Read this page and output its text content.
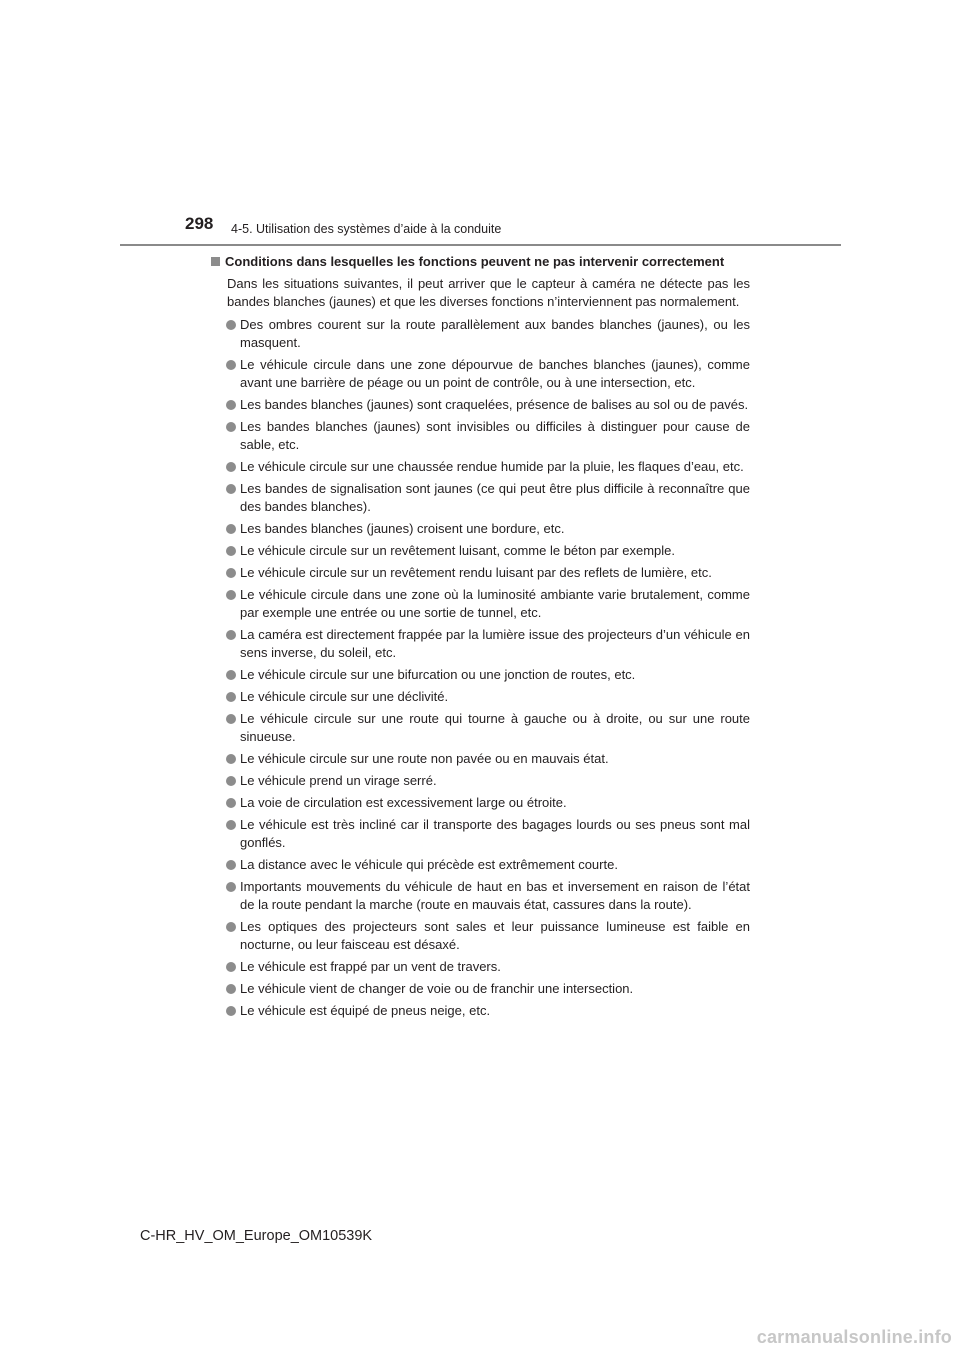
298 4-5. Utilisation des systèmes d’aide à la conduite
Conditions dans lesquelles les fonctions peuvent ne pas intervenir correctement

Dans les situations suivantes, il peut arriver que le capteur à caméra ne détecte pas les bandes blanches (jaunes) et que les diverses fonctions n’interviennent pas normalement.

Des ombres courent sur la route parallèlement aux bandes blanches (jaunes), ou les masquent.
Le véhicule circule dans une zone dépourvue de banches blanches (jaunes), comme avant une barrière de péage ou un point de contrôle, ou à une intersection, etc.
Les bandes blanches (jaunes) sont craquelées, présence de balises au sol ou de pavés.
Les bandes blanches (jaunes) sont invisibles ou difficiles à distinguer pour cause de sable, etc.
Le véhicule circule sur une chaussée rendue humide par la pluie, les flaques d’eau, etc.
Les bandes de signalisation sont jaunes (ce qui peut être plus difficile à reconnaître que des bandes blanches).
Les bandes blanches (jaunes) croisent une bordure, etc.
Le véhicule circule sur un revêtement luisant, comme le béton par exemple.
Le véhicule circule sur un revêtement rendu luisant par des reflets de lumière, etc.
Le véhicule circule dans une zone où la luminosité ambiante varie brutalement, comme par exemple une entrée ou une sortie de tunnel, etc.
La caméra est directement frappée par la lumière issue des projecteurs d’un véhicule en sens inverse, du soleil, etc.
Le véhicule circule sur une bifurcation ou une jonction de routes, etc.
Le véhicule circule sur une déclivité.
Le véhicule circule sur une route qui tourne à gauche ou à droite, ou sur une route sinueuse.
Le véhicule circule sur une route non pavée ou en mauvais état.
Le véhicule prend un virage serré.
La voie de circulation est excessivement large ou étroite.
Le véhicule est très incliné car il transporte des bagages lourds ou ses pneus sont mal gonflés.
La distance avec le véhicule qui précède est extrêmement courte.
Importants mouvements du véhicule de haut en bas et inversement en raison de l’état de la route pendant la marche (route en mauvais état, cassures dans la route).
Les optiques des projecteurs sont sales et leur puissance lumineuse est faible en nocturne, ou leur faisceau est désaxé.
Le véhicule est frappé par un vent de travers.
Le véhicule vient de changer de voie ou de franchir une intersection.
Le véhicule est équipé de pneus neige, etc.
C-HR_HV_OM_Europe_OM10539K
carmanualsonline.info
